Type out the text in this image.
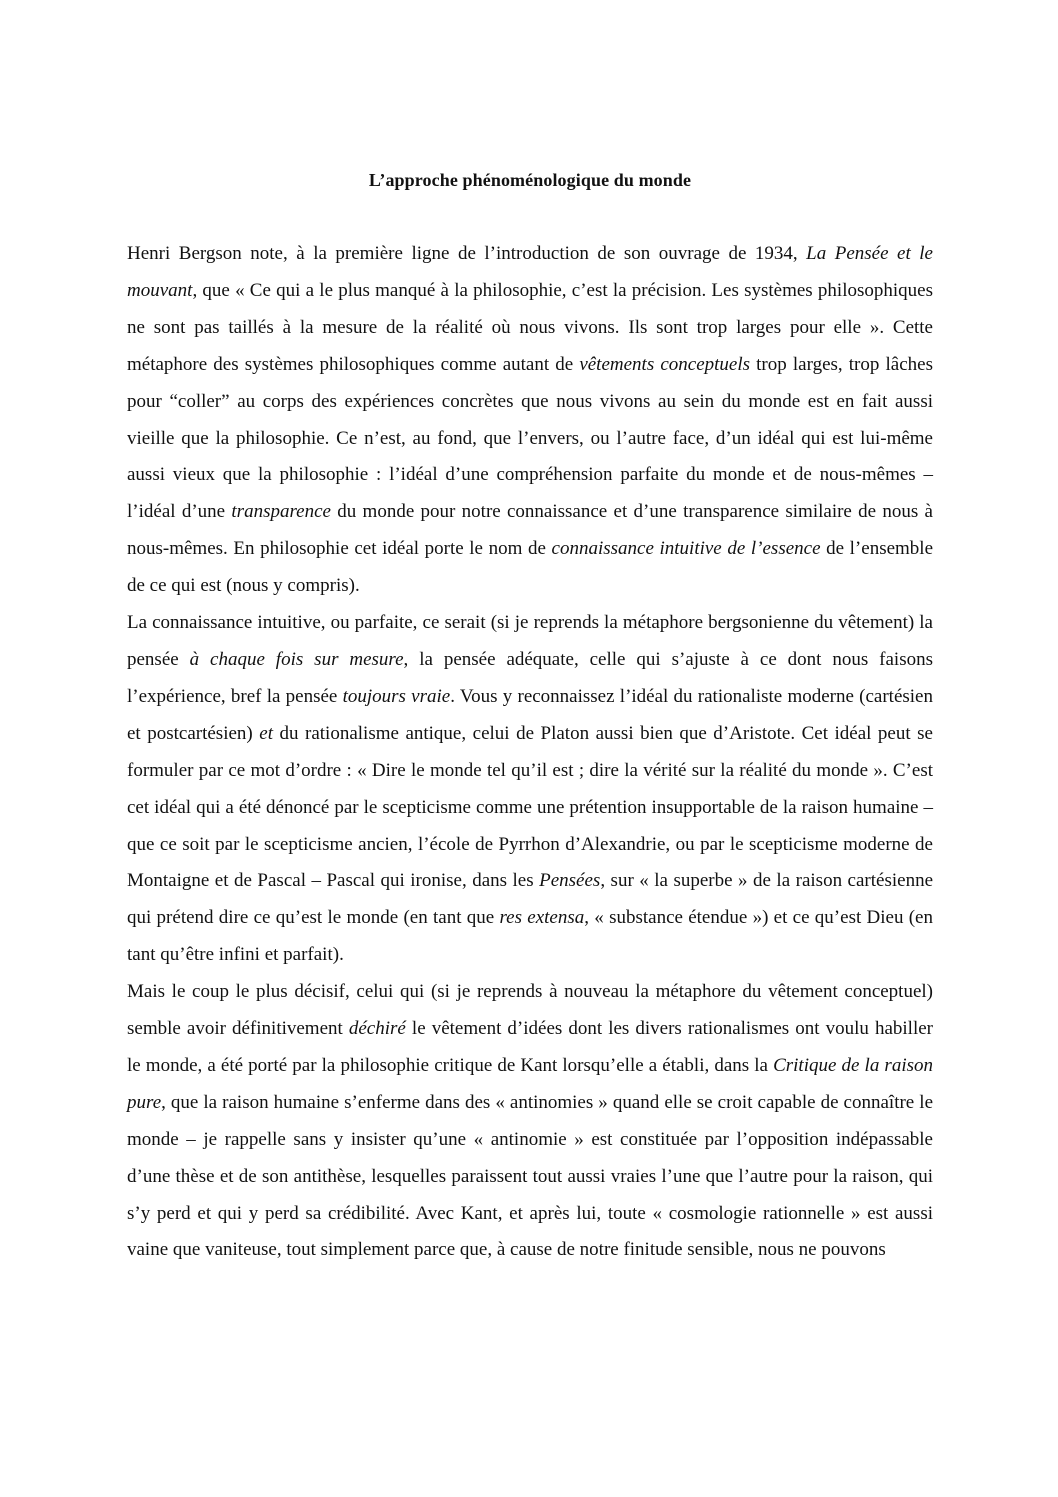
L’approche phénoménologique du monde

Henri Bergson note, à la première ligne de l’introduction de son ouvrage de 1934, La Pensée et le mouvant, que « Ce qui a le plus manqué à la philosophie, c’est la précision. Les systèmes philosophiques ne sont pas taillés à la mesure de la réalité où nous vivons. Ils sont trop larges pour elle ». Cette métaphore des systèmes philosophiques comme autant de vêtements conceptuels trop larges, trop lâches pour “coller” au corps des expériences concrètes que nous vivons au sein du monde est en fait aussi vieille que la philosophie. Ce n’est, au fond, que l’envers, ou l’autre face, d’un idéal qui est lui-même aussi vieux que la philosophie : l’idéal d’une compréhension parfaite du monde et de nous-mêmes – l’idéal d’une transparence du monde pour notre connaissance et d’une transparence similaire de nous à nous-mêmes. En philosophie cet idéal porte le nom de connaissance intuitive de l’essence de l’ensemble de ce qui est (nous y compris).

La connaissance intuitive, ou parfaite, ce serait (si je reprends la métaphore bergsonienne du vêtement) la pensée à chaque fois sur mesure, la pensée adéquate, celle qui s’ajuste à ce dont nous faisons l’expérience, bref la pensée toujours vraie. Vous y reconnaissez l’idéal du rationaliste moderne (cartésien et postcartésien) et du rationalisme antique, celui de Platon aussi bien que d’Aristote. Cet idéal peut se formuler par ce mot d’ordre : « Dire le monde tel qu’il est ; dire la vérité sur la réalité du monde ». C’est cet idéal qui a été dénoncé par le scepticisme comme une prétention insupportable de la raison humaine – que ce soit par le scepticisme ancien, l’école de Pyrrhon d’Alexandrie, ou par le scepticisme moderne de Montaigne et de Pascal – Pascal qui ironise, dans les Pensées, sur « la superbe » de la raison cartésienne qui prétend dire ce qu’est le monde (en tant que res extensa, « substance étendue ») et ce qu’est Dieu (en tant qu’être infini et parfait).

Mais le coup le plus décisif, celui qui (si je reprends à nouveau la métaphore du vêtement conceptuel) semble avoir définitivement déchiré le vêtement d’idées dont les divers rationalismes ont voulu habiller le monde, a été porté par la philosophie critique de Kant lorsqu’elle a établi, dans la Critique de la raison pure, que la raison humaine s’enferme dans des « antinomies » quand elle se croit capable de connaître le monde – je rappelle sans y insister qu’une « antinomie » est constituée par l’opposition indépassable d’une thèse et de son antithèse, lesquelles paraissent tout aussi vraies l’une que l’autre pour la raison, qui s’y perd et qui y perd sa crédibilité. Avec Kant, et après lui, toute « cosmologie rationnelle » est aussi vaine que vaniteuse, tout simplement parce que, à cause de notre finitude sensible, nous ne pouvons
